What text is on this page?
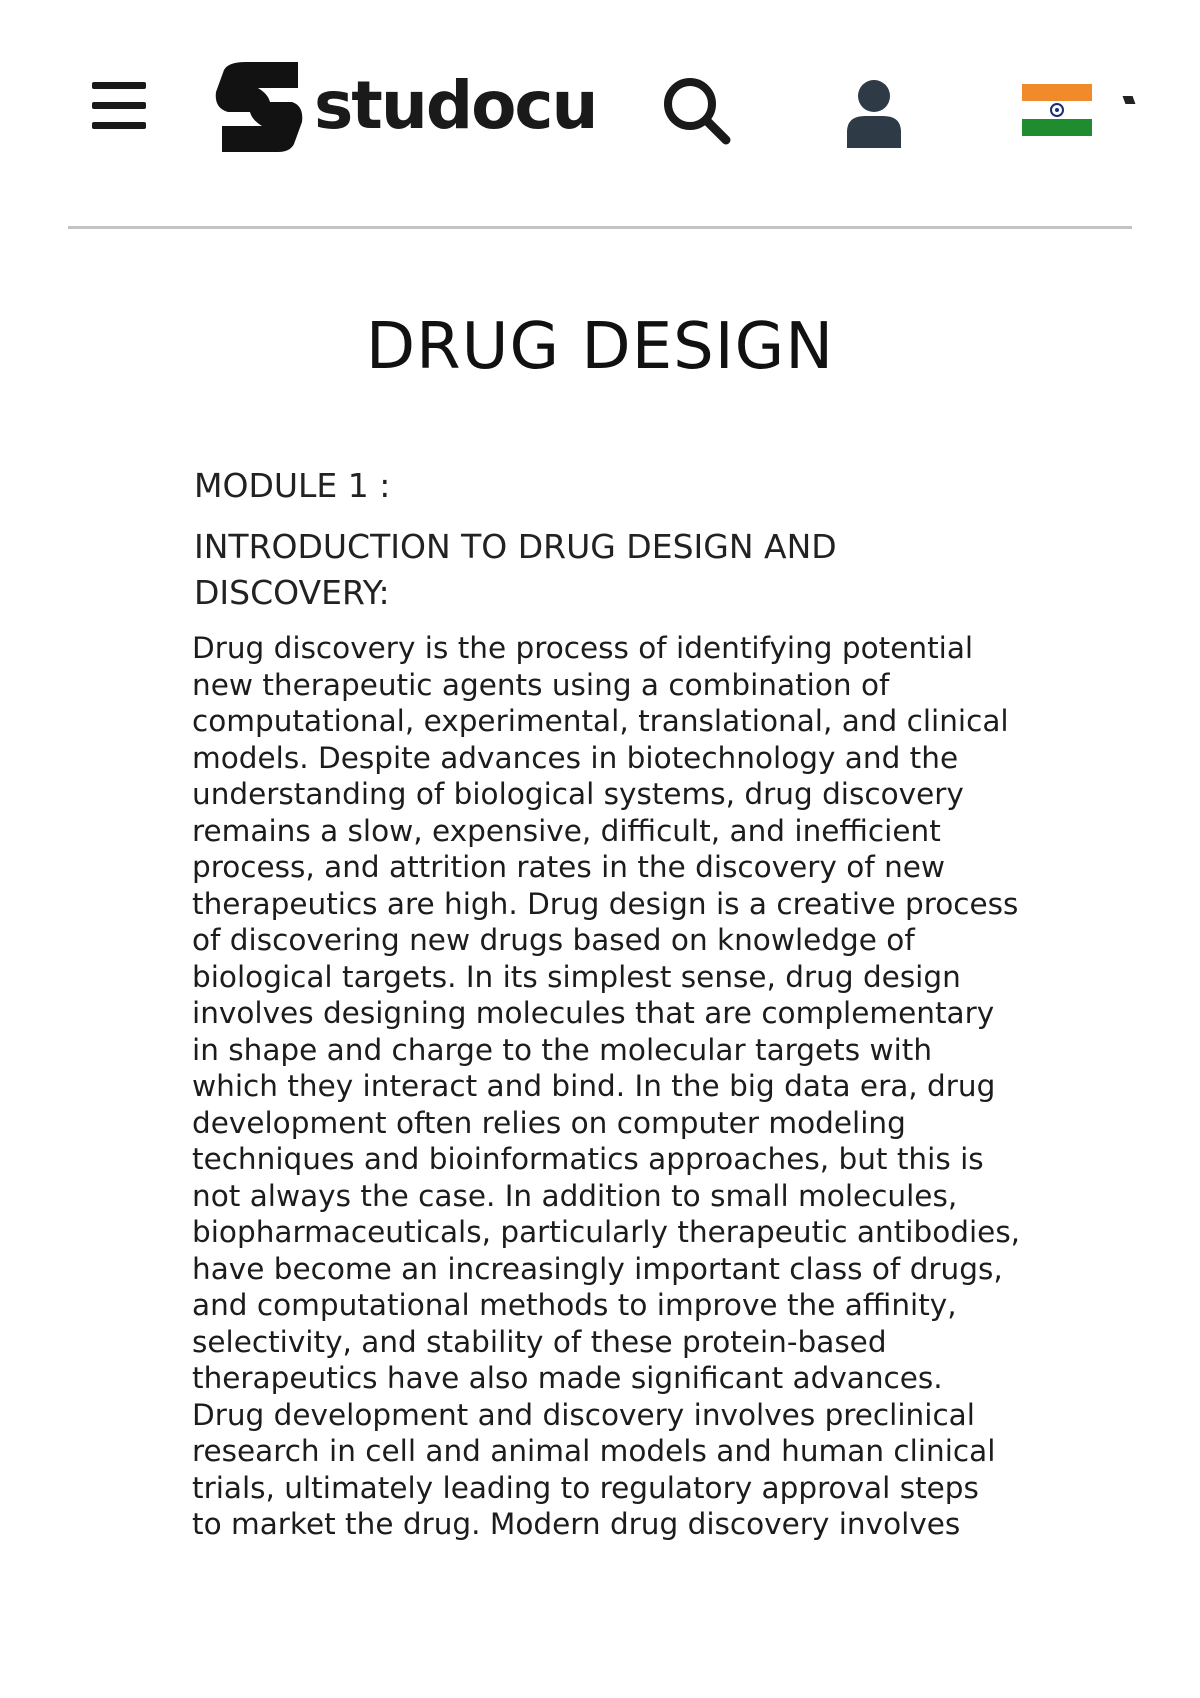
studocu
DRUG DESIGN
MODULE 1 :
INTRODUCTION TO DRUG DESIGN AND
DISCOVERY:

Drug discovery is the process of identifying potential
new therapeutic agents using a combination of
computational, experimental, translational, and clinical
models. Despite advances in biotechnology and the
understanding of biological systems, drug discovery
remains a slow, expensive, difficult, and inefficient
process, and attrition rates in the discovery of new
therapeutics are high. Drug design is a creative process
of discovering new drugs based on knowledge of
biological targets. In its simplest sense, drug design
involves designing molecules that are complementary
in shape and charge to the molecular targets with
which they interact and bind. In the big data era, drug
development often relies on computer modeling
techniques and bioinformatics approaches, but this is
not always the case. In addition to small molecules,
biopharmaceuticals, particularly therapeutic antibodies,
have become an increasingly important class of drugs,
and computational methods to improve the affinity,
selectivity, and stability of these protein-based
therapeutics have also made significant advances.
Drug development and discovery involves preclinical
research in cell and animal models and human clinical
trials, ultimately leading to regulatory approval steps
to market the drug. Modern drug discovery involves
